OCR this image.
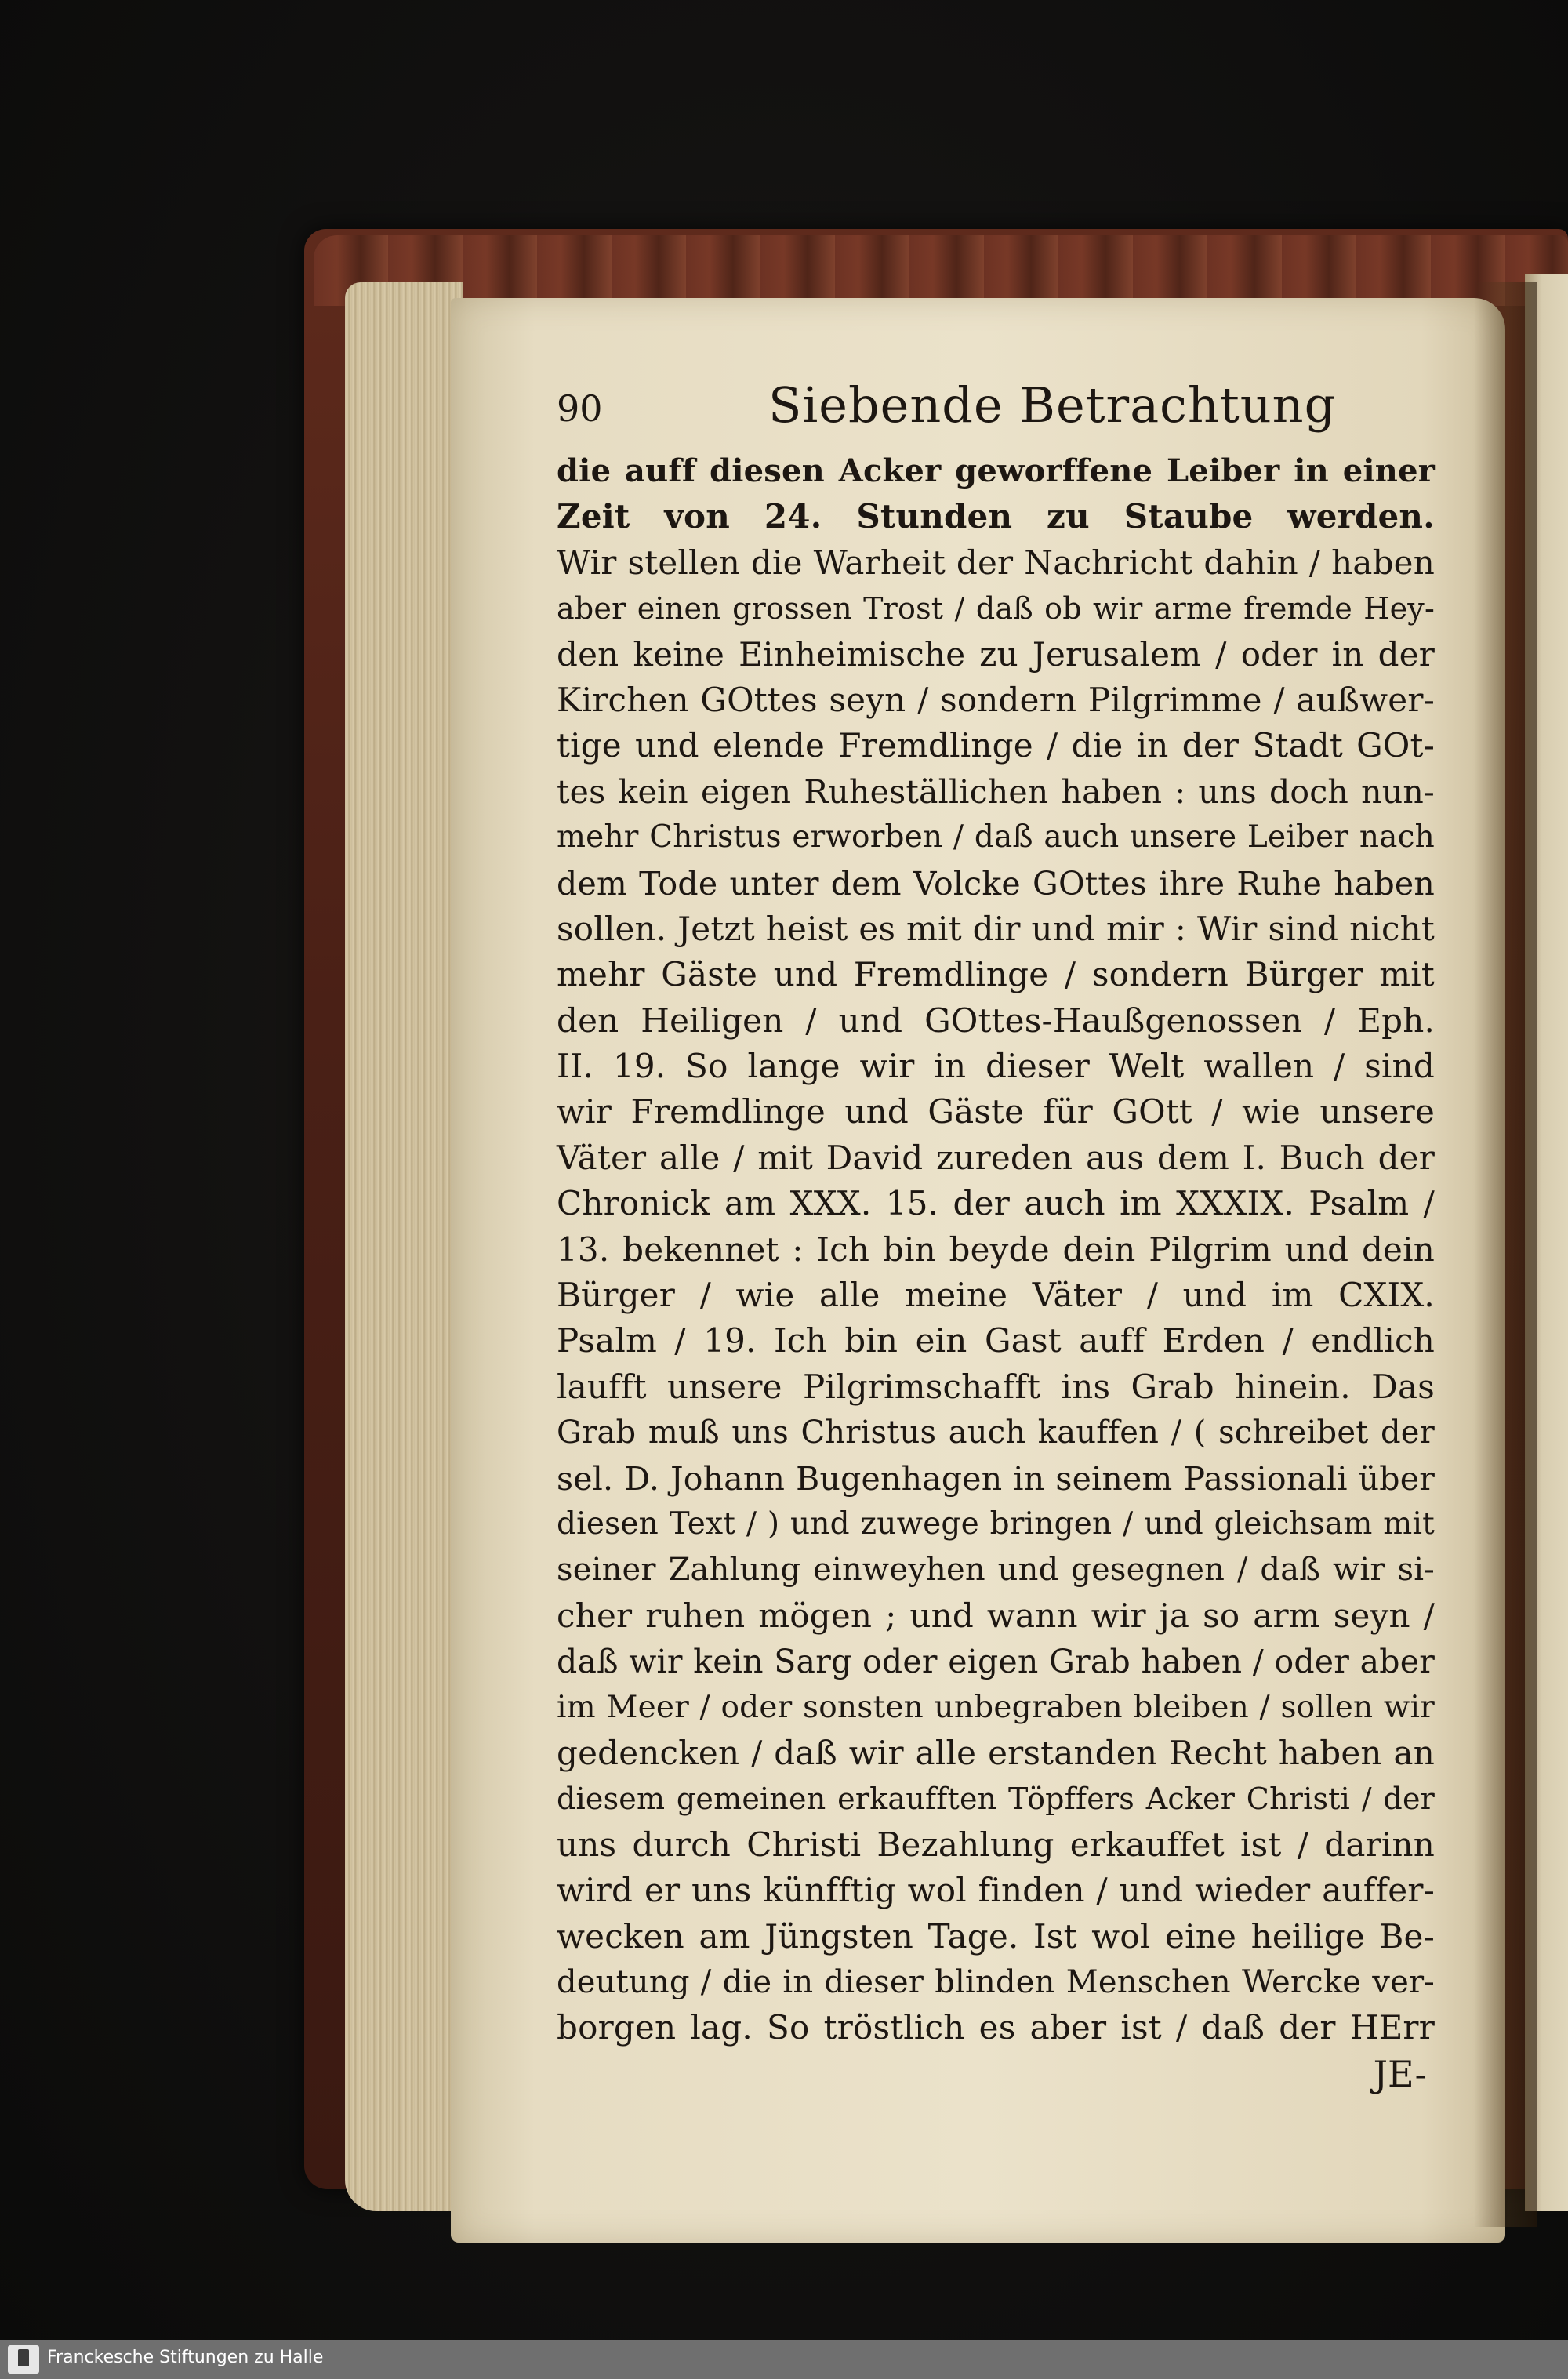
90	Siebende Betrachtung
die auff diesen Acker geworffene Leiber in einer
Zeit von 24. Stunden zu Staube werden.
Wir stellen die Warheit der Nachricht dahin / haben
aber einen grossen Trost / daß ob wir arme fremde Hey-
den keine Einheimische zu Jerusalem / oder in der
Kirchen GOttes seyn / sondern Pilgrimme / außwer-
tige und elende Fremdlinge / die in der Stadt GOt-
tes kein eigen Ruheställichen haben : uns doch nun-
mehr Christus erworben / daß auch unsere Leiber nach
dem Tode unter dem Volcke GOttes ihre Ruhe haben
sollen. Jetzt heist es mit dir und mir : Wir sind nicht
mehr Gäste und Fremdlinge / sondern Bürger mit
den Heiligen / und GOttes-Haußgenossen / Eph.
II. 19. So lange wir in dieser Welt wallen / sind
wir Fremdlinge und Gäste für GOtt / wie unsere
Väter alle / mit David zureden aus dem I. Buch der
Chronick am XXX. 15. der auch im XXXIX. Psalm /
13. bekennet : Ich bin beyde dein Pilgrim und dein
Bürger / wie alle meine Väter / und im CXIX.
Psalm / 19. Ich bin ein Gast auff Erden / endlich
laufft unsere Pilgrimschafft ins Grab hinein. Das
Grab muß uns Christus auch kauffen / ( schreibet der
sel. D. Johann Bugenhagen in seinem Passionali über
diesen Text / ) und zuwege bringen / und gleichsam mit
seiner Zahlung einweyhen und gesegnen / daß wir si-
cher ruhen mögen ; und wann wir ja so arm seyn /
daß wir kein Sarg oder eigen Grab haben / oder aber
im Meer / oder sonsten unbegraben bleiben / sollen wir
gedencken / daß wir alle erstanden Recht haben an
diesem gemeinen erkaufften Töpffers Acker Christi / der
uns durch Christi Bezahlung erkauffet ist / darinn
wird er uns künfftig wol finden / und wieder auffer-
wecken am Jüngsten Tage. Ist wol eine heilige Be-
deutung / die in dieser blinden Menschen Wercke ver-
borgen lag. So tröstlich es aber ist / daß der HErr
JE-
Franckesche Stiftungen zu Halle
